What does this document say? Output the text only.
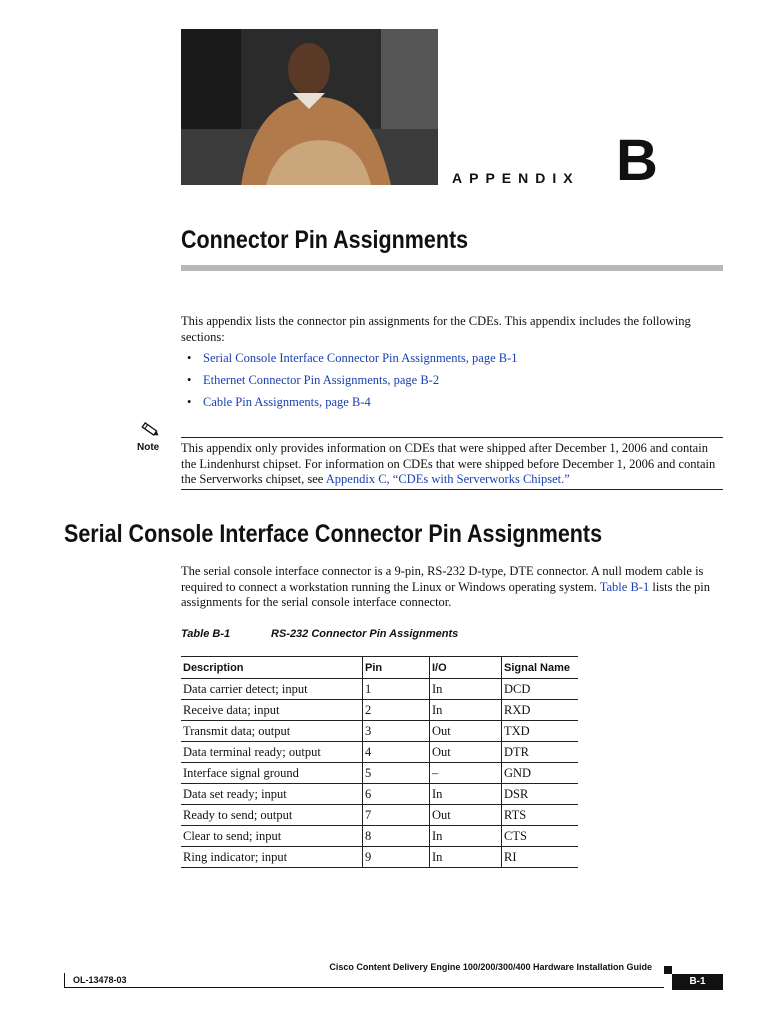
APPENDIX B
Connector Pin Assignments
This appendix lists the connector pin assignments for the CDEs. This appendix includes the following sections:
• Serial Console Interface Connector Pin Assignments, page B-1
• Ethernet Connector Pin Assignments, page B-2
• Cable Pin Assignments, page B-4
Note This appendix only provides information on CDEs that were shipped after December 1, 2006 and contain the Lindenhurst chipset. For information on CDEs that were shipped before December 1, 2006 and contain the Serverworks chipset, see Appendix C, “CDEs with Serverworks Chipset.”
Serial Console Interface Connector Pin Assignments
The serial console interface connector is a 9-pin, RS-232 D-type, DTE connector. A null modem cable is required to connect a workstation running the Linux or Windows operating system. Table B-1 lists the pin assignments for the serial console interface connector.
Table B-1	RS-232 Connector Pin Assignments
Description	Pin	I/O	Signal Name
Data carrier detect; input	1	In	DCD
Receive data; input	2	In	RXD
Transmit data; output	3	Out	TXD
Data terminal ready; output	4	Out	DTR
Interface signal ground	5	–	GND
Data set ready; input	6	In	DSR
Ready to send; output	7	Out	RTS
Clear to send; input	8	In	CTS
Ring indicator; input	9	In	RI
Cisco Content Delivery Engine 100/200/300/400 Hardware Installation Guide
OL-13478-03	B-1
